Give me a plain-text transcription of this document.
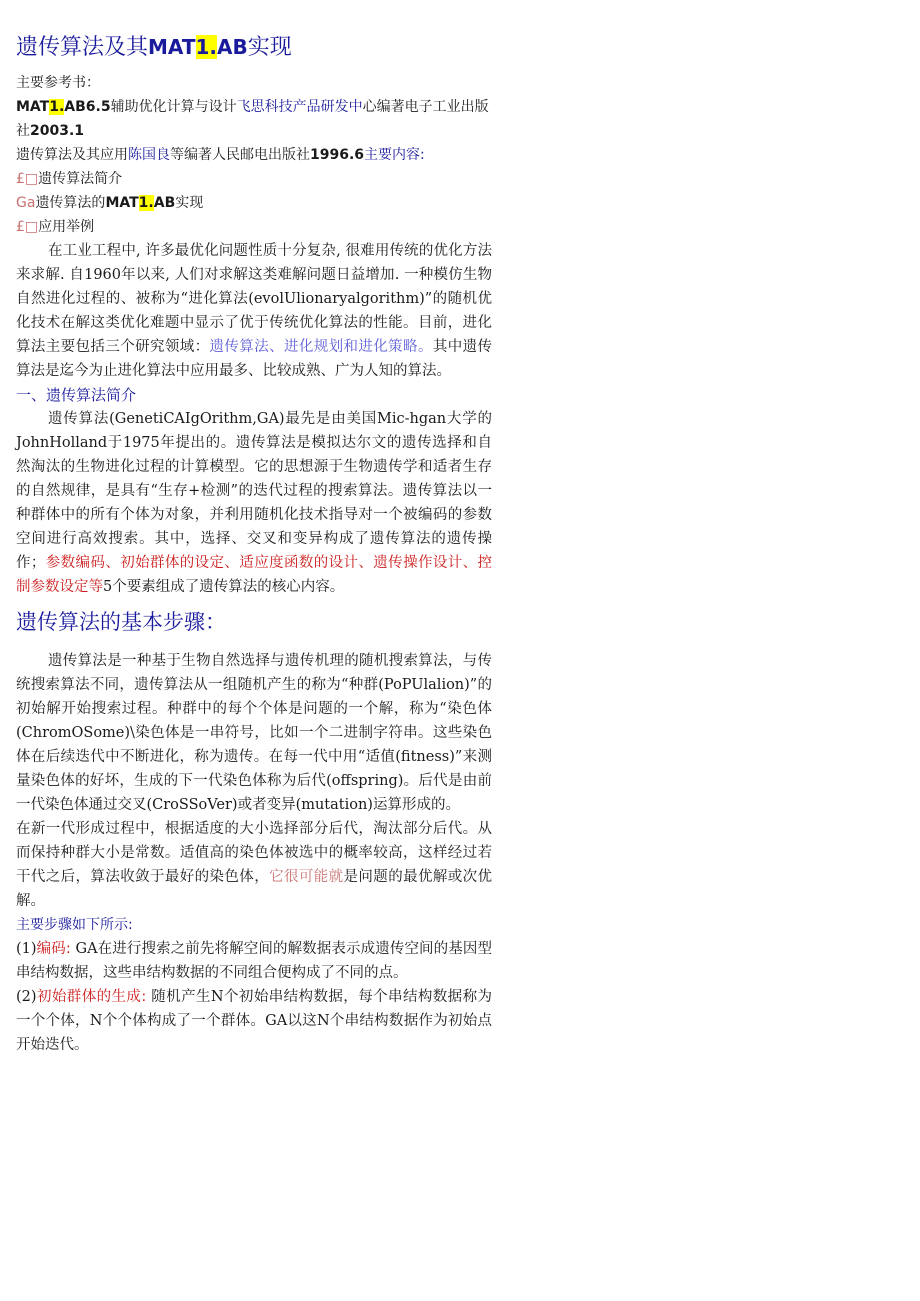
遗传算法及其MAT1.AB实现
主要参考书：
MAT1.AB6.5辅助优化计算与设计飞思科技产品研发中心编著电子工业出版
社2003.1
遗传算法及其应用陈国良等编著人民邮电出版社1996.6主要内容:
£□遗传算法简介
Ga遗传算法的MAT1.AB实现
£□应用举例

在工业工程中, 许多最优化问题性质十分复杂, 很难用传统的优化方法来求解. 自1960年以来, 人们对求解这类难解问题日益增加. 一种模仿生物自然进化过程的、被称为“进化算法(evolUlionaryalgorithm)”的随机优化技术在解这类优化难题中显示了优于传统优化算法的性能。目前，进化算法主要包括三个研究领域：遗传算法、进化规划和进化策略。其中遗传算法是迄今为止进化算法中应用最多、比较成熟、广为人知的算法。

一、遗传算法简介

遗传算法(GenetiCAIgOrithm,GA)最先是由美国Mic-hgan大学的JohnHolland于1975年提出的。遗传算法是模拟达尔文的遗传选择和自然淘汰的生物进化过程的计算模型。它的思想源于生物遗传学和适者生存的自然规律，是具有“生存+检测”的迭代过程的搜索算法。遗传算法以一种群体中的所有个体为对象，并利用随机化技术指导对一个被编码的参数空间进行高效搜索。其中，选择、交叉和变异构成了遗传算法的遗传操作；参数编码、初始群体的设定、适应度函数的设计、遗传操作设计、控制参数设定等5个要素组成了遗传算法的核心内容。

遗传算法的基本步骤：

遗传算法是一种基于生物自然选择与遗传机理的随机搜索算法，与传统搜索算法不同，遗传算法从一组随机产生的称为“种群(PoPUlalion)”的初始解开始搜索过程。种群中的每个个体是问题的一个解，称为“染色体(ChromOSome)\染色体是一串符号，比如一个二进制字符串。这些染色体在后续迭代中不断进化，称为遗传。在每一代中用“适值(fitness)”来测量染色体的好坏，生成的下一代染色体称为后代(offspring)。后代是由前一代染色体通过交叉(CroSSoVer)或者变异(mutation)运算形成的。

在新一代形成过程中，根据适度的大小选择部分后代，淘汰部分后代。从而保持种群大小是常数。适值高的染色体被选中的概率较高，这样经过若干代之后，算法收敛于最好的染色体，它很可能就是问题的最优解或次优解。

主要步骤如下所示:

(1)编码: GA在进行搜索之前先将解空间的解数据表示成遗传空间的基因型串结构数据，这些串结构数据的不同组合便构成了不同的点。

(2)初始群体的生成: 随机产生N个初始串结构数据，每个串结构数据称为一个个体，N个个体构成了一个群体。GA以这N个串结构数据作为初始点开始迭代。
